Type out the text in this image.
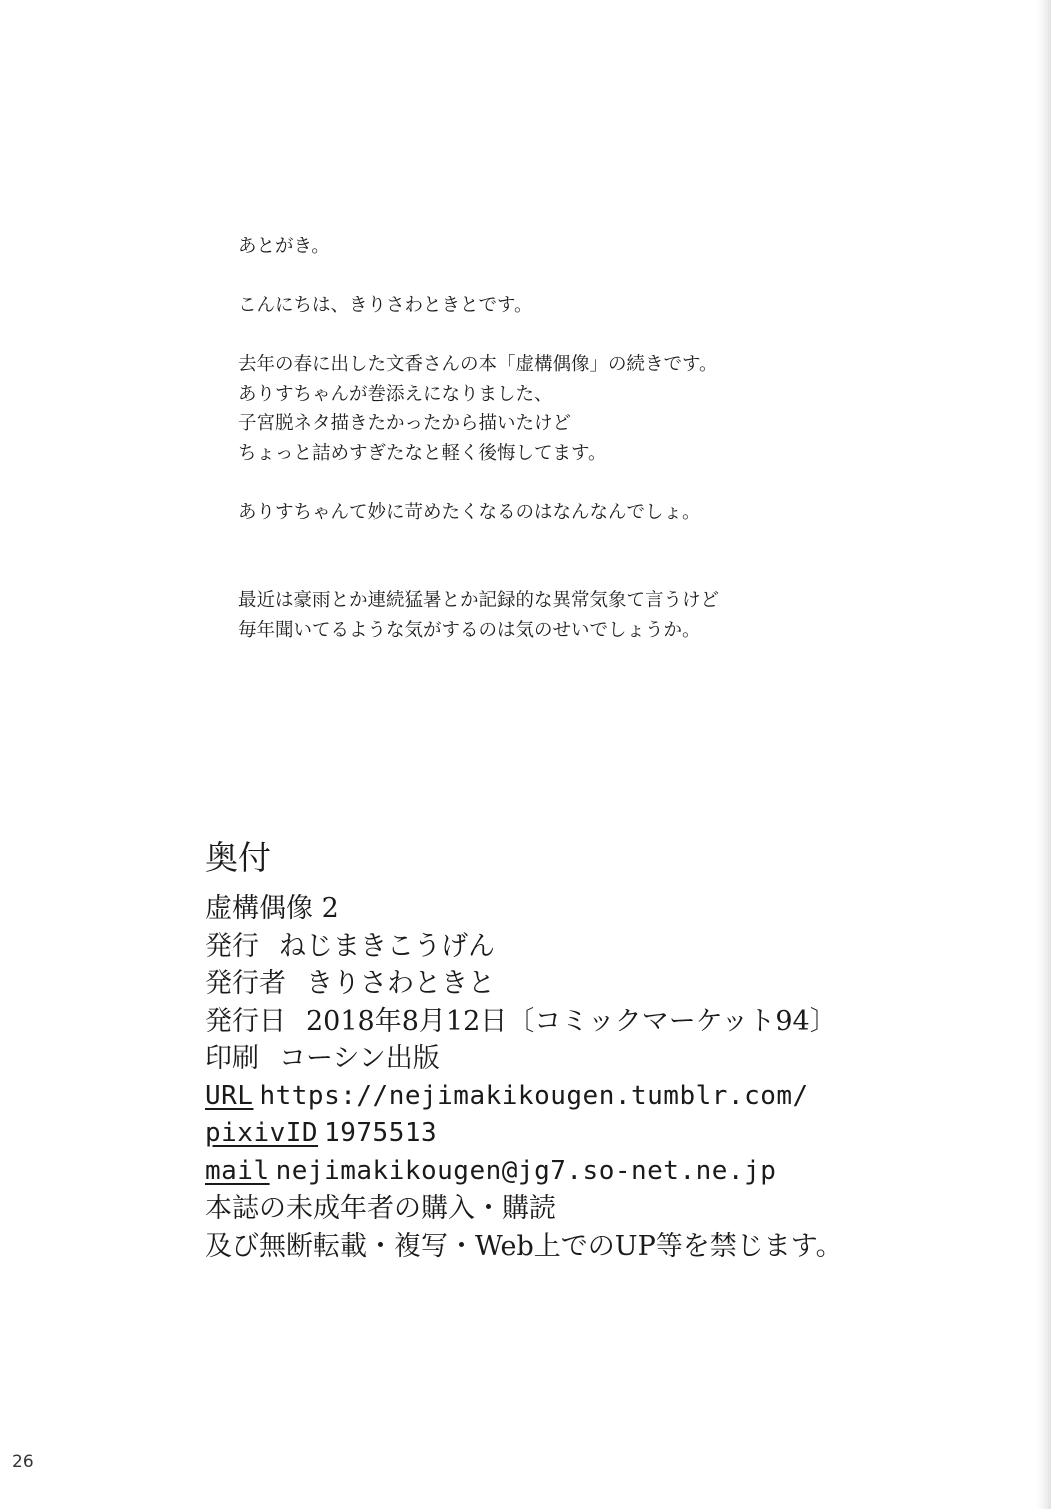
あとがき。
こんにちは、きりさわときとです。
去年の春に出した文香さんの本「虚構偶像」の続きです。
ありすちゃんが巻添えになりました、
子宮脱ネタ描きたかったから描いたけど
ちょっと詰めすぎたなと軽く後悔してます。
ありすちゃんて妙に苛めたくなるのはなんなんでしょ。
最近は豪雨とか連続猛暑とか記録的な異常気象て言うけど
毎年聞いてるような気がするのは気のせいでしょうか。
奥付
虚構偶像 2
発行 ねじまきこうげん
発行者 きりさわときと
発行日 2018年8月12日〔コミックマーケット94〕
印刷 コーシン出版
URL https://nejimakikougen.tumblr.com/
pixivID 1975513
mail nejimakikougen@jg7.so-net.ne.jp
本誌の未成年者の購入・購読
及び無断転載・複写・Web上でのUP等を禁じます。
26
